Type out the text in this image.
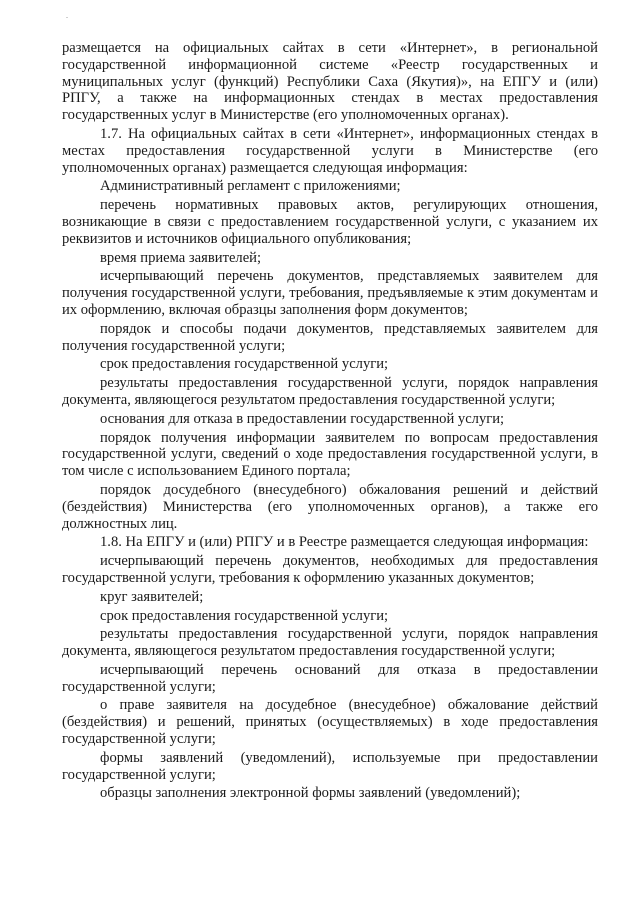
размещается на официальных сайтах в сети «Интернет», в региональной государственной информационной системе «Реестр государственных и муниципальных услуг (функций) Республики Саха (Якутия)», на ЕПГУ и (или) РПГУ, а также на информационных стендах в местах предоставления государственных услуг в Министерстве (его уполномоченных органах).

1.7. На официальных сайтах в сети «Интернет», информационных стендах в местах предоставления государственной услуги в Министерстве (его уполномоченных органах) размещается следующая информация:

Административный регламент с приложениями;

перечень нормативных правовых актов, регулирующих отношения, возникающие в связи с предоставлением государственной услуги, с указанием их реквизитов и источников официального опубликования;

время приема заявителей;

исчерпывающий перечень документов, представляемых заявителем для получения государственной услуги, требования, предъявляемые к этим документам и их оформлению, включая образцы заполнения форм документов;

порядок и способы подачи документов, представляемых заявителем для получения государственной услуги;

срок предоставления государственной услуги;

результаты предоставления государственной услуги, порядок направления документа, являющегося результатом предоставления государственной услуги;

основания для отказа в предоставлении государственной услуги;

порядок получения информации заявителем по вопросам предоставления государственной услуги, сведений о ходе предоставления государственной услуги, в том числе с использованием Единого портала;

порядок досудебного (внесудебного) обжалования решений и действий (бездействия) Министерства (его уполномоченных органов), а также его должностных лиц.

1.8. На ЕПГУ и (или) РПГУ и в Реестре размещается следующая информация:

исчерпывающий перечень документов, необходимых для предоставления государственной услуги, требования к оформлению указанных документов;

круг заявителей;

срок предоставления государственной услуги;

результаты предоставления государственной услуги, порядок направления документа, являющегося результатом предоставления государственной услуги;

исчерпывающий перечень оснований для отказа в предоставлении государственной услуги;

о праве заявителя на досудебное (внесудебное) обжалование действий (бездействия) и решений, принятых (осуществляемых) в ходе предоставления государственной услуги;

формы заявлений (уведомлений), используемые при предоставлении государственной услуги;

образцы заполнения электронной формы заявлений (уведомлений);
